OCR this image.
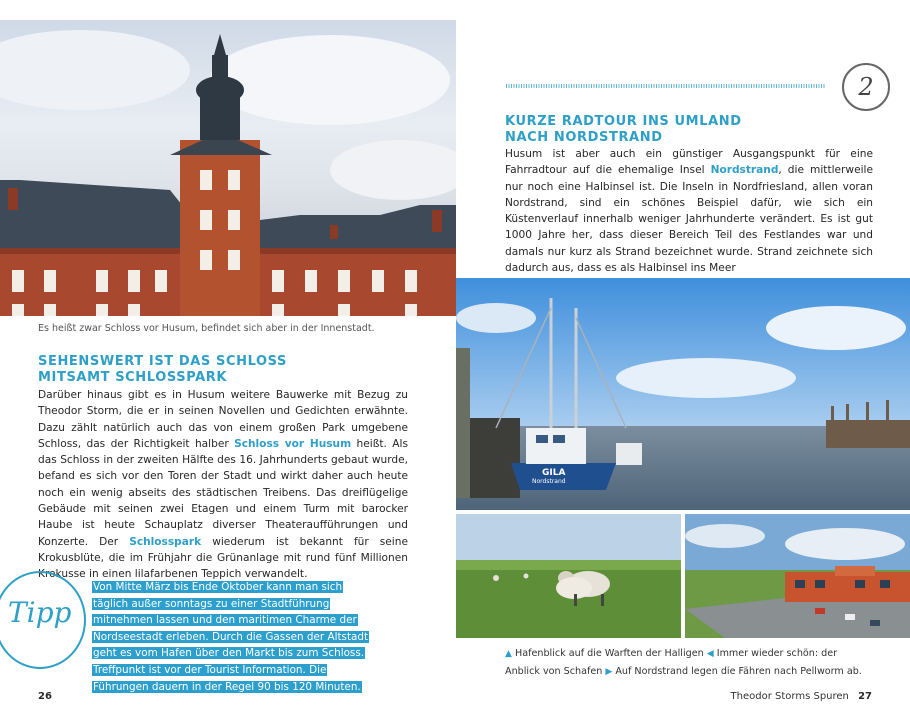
Es heißt zwar Schloss vor Husum, befindet sich aber in der Innenstadt.
SEHENSWERT IST DAS SCHLOSS
MITSAMT SCHLOSSPARK
Darüber hinaus gibt es in Husum weitere Bauwerke mit Bezug zu Theodor Storm, die er in seinen Novellen und Gedichten erwähnte. Dazu zählt natürlich auch das von einem großen Park umgebene Schloss, das der Richtigkeit halber Schloss vor Husum heißt. Als das Schloss in der zweiten Hälfte des 16. Jahrhunderts gebaut wurde, befand es sich vor den Toren der Stadt und wirkt daher auch heute noch ein wenig abseits des städtischen Treibens. Das dreiflügelige Gebäude mit seinen zwei Etagen und einem Turm mit barocker Haube ist heute Schauplatz diverser Theateraufführungen und Konzerte. Der Schlosspark wiederum ist bekannt für seine Krokusblüte, die im Frühjahr die Grünanlage mit rund fünf Millionen Krokusse in einen lilafarbenen Teppich verwandelt.
Tipp
Von Mitte März bis Ende Oktober kann man sich täglich außer sonntags zu einer Stadtführung mitnehmen lassen und den maritimen Charme der Nordseestadt erleben. Durch die Gassen der Altstadt geht es vom Hafen über den Markt bis zum Schloss. Treffpunkt ist vor der Tourist Information. Die Führungen dauern in der Regel 90 bis 120 Minuten.
26
2
KURZE RADTOUR INS UMLAND
NACH NORDSTRAND
Husum ist aber auch ein günstiger Ausgangspunkt für eine Fahrradtour auf die ehemalige Insel Nordstrand, die mittlerweile nur noch eine Halbinsel ist. Die Inseln in Nordfriesland, allen voran Nordstrand, sind ein schönes Beispiel dafür, wie sich ein Küstenverlauf innerhalb weniger Jahrhunderte verändert. Es ist gut 1000 Jahre her, dass dieser Bereich Teil des Festlandes war und damals nur kurz als Strand bezeichnet wurde. Strand zeichnete sich dadurch aus, dass es als Halbinsel ins Meer
GILA
Nordstrand
▲ Hafenblick auf die Warften der Halligen ◀ Immer wieder schön: der
Anblick von Schafen ▶ Auf Nordstrand legen die Fähren nach Pellworm ab.
Theodor Storms Spuren 27
